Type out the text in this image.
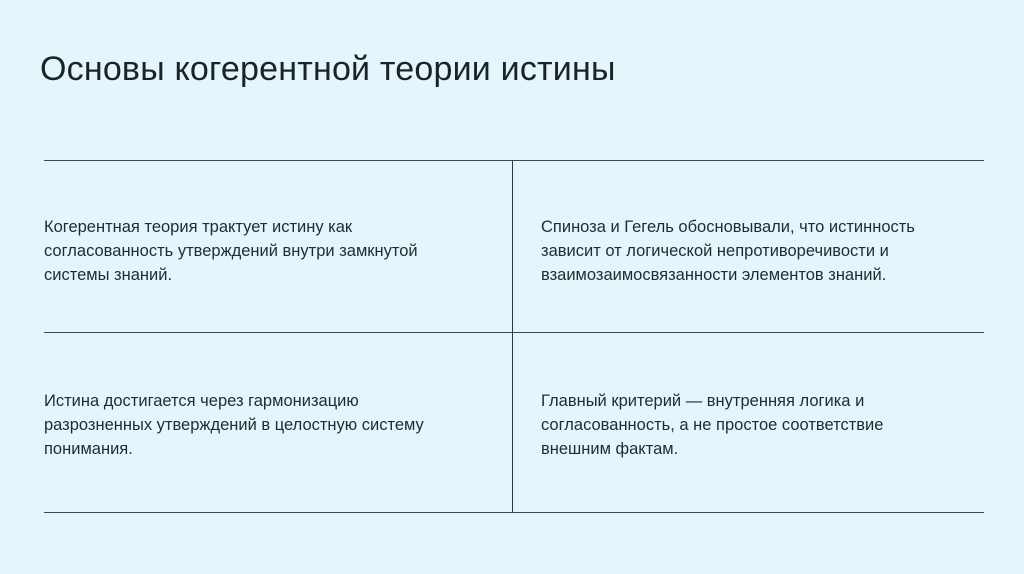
Основы когерентной теории истины
Когерентная теория трактует истину как
согласованность утверждений внутри замкнутой
системы знаний.
Спиноза и Гегель обосновывали, что истинность
зависит от логической непротиворечивости и
взаимозаимосвязанности элементов знаний.
Истина достигается через гармонизацию
разрозненных утверждений в целостную систему
понимания.
Главный критерий — внутренняя логика и
согласованность, а не простое соответствие
внешним фактам.
